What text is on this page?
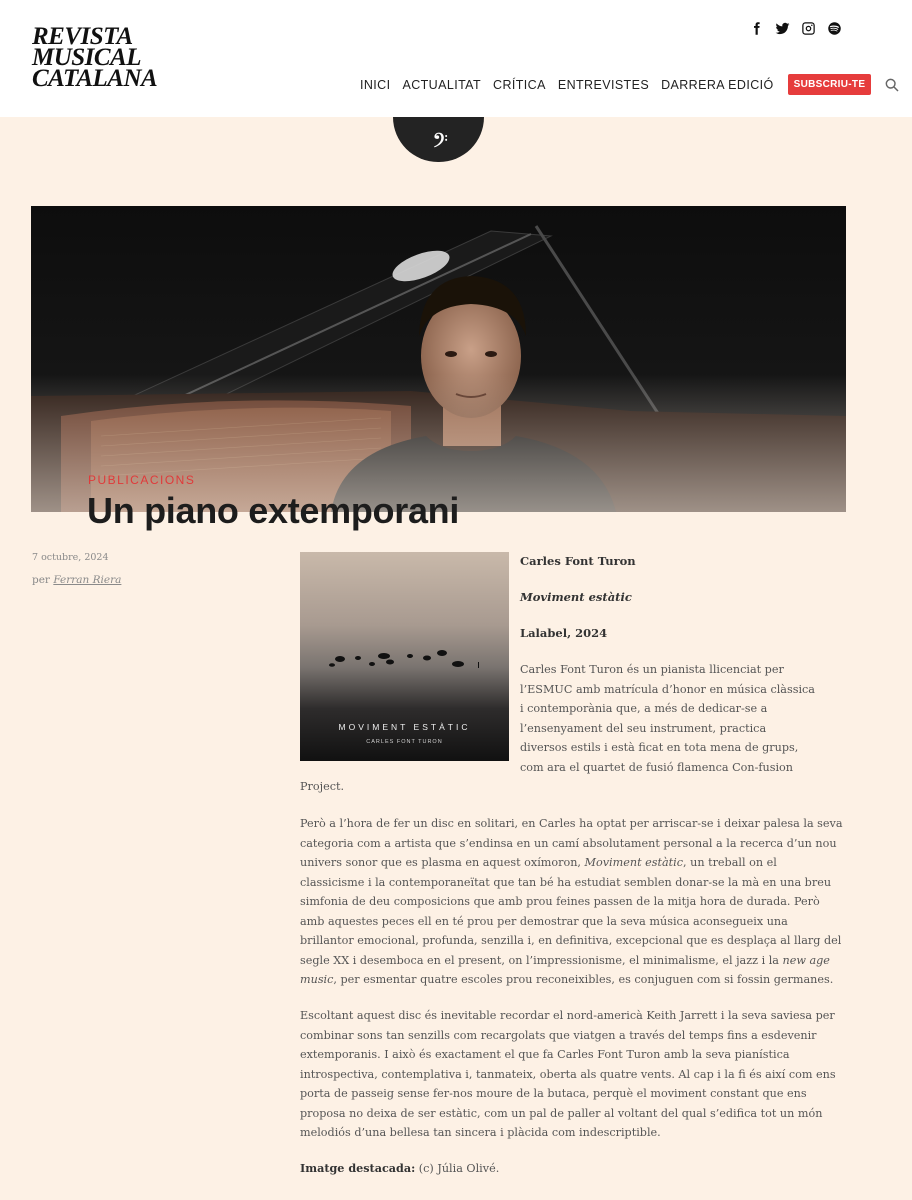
REVISTA
MUSICAL
CATALANA	INICI ACTUALITAT CRÍTICA ENTREVISTES DARRERA EDICIÓ	SUBSCRIU-TE
PUBLICACIONS
Un piano extemporani
7 octubre, 2024
per Ferran Riera
MOVIMENT ESTÀTIC
CARLES FONT TURON
Carles Font Turon
Moviment estàtic
Lalabel, 2024
Carles Font Turon és un pianista llicenciat per
l’ESMUC amb matrícula d’honor en música clàssica
i contemporània que, a més de dedicar-se a
l’ensenyament del seu instrument, practica
diversos estils i està ficat en tota mena de grups,
com ara el quartet de fusió flamenca Con-fusion
Project.
Però a l’hora de fer un disc en solitari, en Carles ha optat per arriscar-se i deixar palesa la seva
categoria com a artista que s’endinsa en un camí absolutament personal a la recerca d’un nou
univers sonor que es plasma en aquest oxímoron, Moviment estàtic, un treball on el
classicisme i la contemporaneïtat que tan bé ha estudiat semblen donar-se la mà en una breu
simfonia de deu composicions que amb prou feines passen de la mitja hora de durada. Però
amb aquestes peces ell en té prou per demostrar que la seva música aconsegueix una
brillantor emocional, profunda, senzilla i, en definitiva, excepcional que es desplaça al llarg del
segle XX i desemboca en el present, on l’impressionisme, el minimalisme, el jazz i la new age
music, per esmentar quatre escoles prou reconeixibles, es conjuguen com si fossin germanes.
Escoltant aquest disc és inevitable recordar el nord-americà Keith Jarrett i la seva saviesa per
combinar sons tan senzills com recargolats que viatgen a través del temps fins a esdevenir
extemporanis. I això és exactament el que fa Carles Font Turon amb la seva pianística
introspectiva, contemplativa i, tanmateix, oberta als quatre vents. Al cap i la fi és així com ens
porta de passeig sense fer-nos moure de la butaca, perquè el moviment constant que ens
proposa no deixa de ser estàtic, com un pal de paller al voltant del qual s’edifica tot un món
melodiós d’una bellesa tan sincera i plàcida com indescriptible.
Imatge destacada: (c) Júlia Olivé.
